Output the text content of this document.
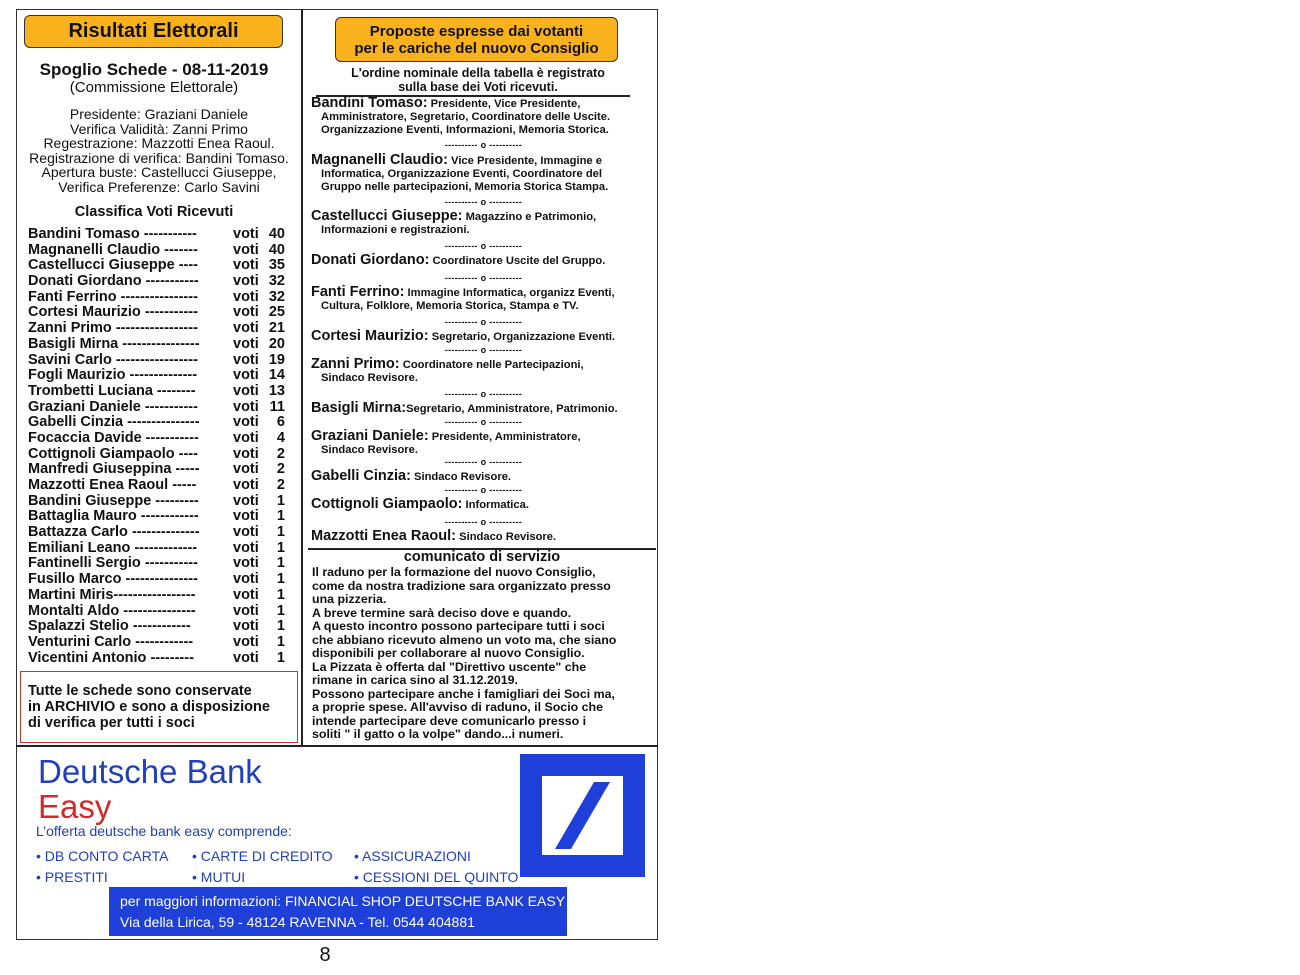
Risultati Elettorali
Spoglio Schede - 08-11-2019
(Commissione Elettorale)
Presidente: Graziani Daniele
Verifica Validità: Zanni Primo
Regestrazione: Mazzotti Enea Raoul.
Registrazione di verifica: Bandini Tomaso.
Apertura buste: Castellucci Giuseppe,
Verifica Preferenze: Carlo Savini
Classifica Voti Ricevuti
Bandini Tomaso ----------- voti 40
Magnanelli Claudio ------- voti 40
Castellucci Giuseppe ---- voti 35
Donati Giordano ----------- voti 32
Fanti Ferrino ---------------- voti 32
Cortesi Maurizio ----------- voti 25
Zanni Primo ----------------- voti 21
Basigli Mirna ---------------- voti 20
Savini Carlo ----------------- voti 19
Fogli Maurizio -------------- voti 14
Trombetti Luciana --------	voti 13
Graziani Daniele ----------- voti 11
Gabelli Cinzia --------------- voti	6
Focaccia Davide ----------- voti	4
Cottignoli Giampaolo ---- voti	2
Manfredi Giuseppina ----- voti	2
Mazzotti Enea Raoul -----	voti	2
Bandini Giuseppe --------- voti	1
Battaglia Mauro ------------ voti	1
Battazza Carlo -------------- voti	1
Emiliani Leano ------------- voti	1
Fantinelli Sergio ----------- voti	1
Fusillo Marco --------------- voti	1
Martini Miris-----------------	voti	1
Montalti Aldo ---------------	voti	1
Spalazzi Stelio ------------	voti	1
Venturini Carlo ------------	voti	1
Vicentini Antonio ---------	voti	1
Tutte le schede sono conservate
in ARCHIVIO e sono a disposizione
di verifica per tutti i soci
Proposte espresse dai votanti
per le cariche del nuovo Consiglio
L'ordine nominale della tabella è registrato
sulla base dei Voti ricevuti.
Bandini Tomaso: Presidente, Vice Presidente,
Amministratore, Segretario, Coordinatore delle Uscite.
Organizzazione Eventi, Informazioni, Memoria Storica.
Magnanelli Claudio: Vice Presidente, Immagine e
Informatica, Organizzazione Eventi, Coordinatore del
Gruppo nelle partecipazioni, Memoria Storica Stampa.
Castellucci Giuseppe: Magazzino e Patrimonio,
Informazioni e registrazioni.
Donati Giordano: Coordinatore Uscite del Gruppo.
Fanti Ferrino: Immagine Informatica, organizz Eventi,
Cultura, Folklore, Memoria Storica, Stampa e TV.
Cortesi Maurizio: Segretario, Organizzazione Eventi.
Zanni Primo: Coordinatore nelle Partecipazioni,
Sindaco Revisore.
Basigli Mirna:Segretario, Amministratore, Patrimonio.
Graziani Daniele: Presidente, Amministratore,
Sindaco Revisore.
Gabelli Cinzia: Sindaco Revisore.
Cottignoli Giampaolo: Informatica.
Mazzotti Enea Raoul: Sindaco Revisore.
---------- o ----------
---------- o ----------
---------- o ----------
---------- o ----------
---------- o ----------
---------- o ----------
---------- o ----------
---------- o ----------
---------- o ----------
---------- o ----------
---------- o ----------
comunicato di servizio
Il raduno per la formazione del nuovo Consiglio,
come da nostra tradizione sara organizzato presso
una pizzeria.
A breve termine sarà deciso dove e quando.
A questo incontro possono partecipare tutti i soci
che abbiano ricevuto almeno un voto ma, che siano
disponibili per collaborare al nuovo Consiglio.
La Pizzata è offerta dal "Direttivo uscente" che
rimane in carica sino al 31.12.2019.
Possono partecipare anche i famigliari dei Soci ma,
a proprie spese. All'avviso di raduno, il Socio che
intende partecipare deve comunicarlo presso i
soliti " il gatto o la volpe" dando...i numeri.
Deutsche Bank
Easy
L’offerta deutsche bank easy comprende:
• DB CONTO CARTA • CARTE DI CREDITO • ASSICURAZIONI
• PRESTITI	• MUTUI	• CESSIONI DEL QUINTO
per maggiori informazioni: FINANCIAL SHOP DEUTSCHE BANK EASY
Via della Lirica, 59 - 48124 RAVENNA - Tel. 0544 404881
8
